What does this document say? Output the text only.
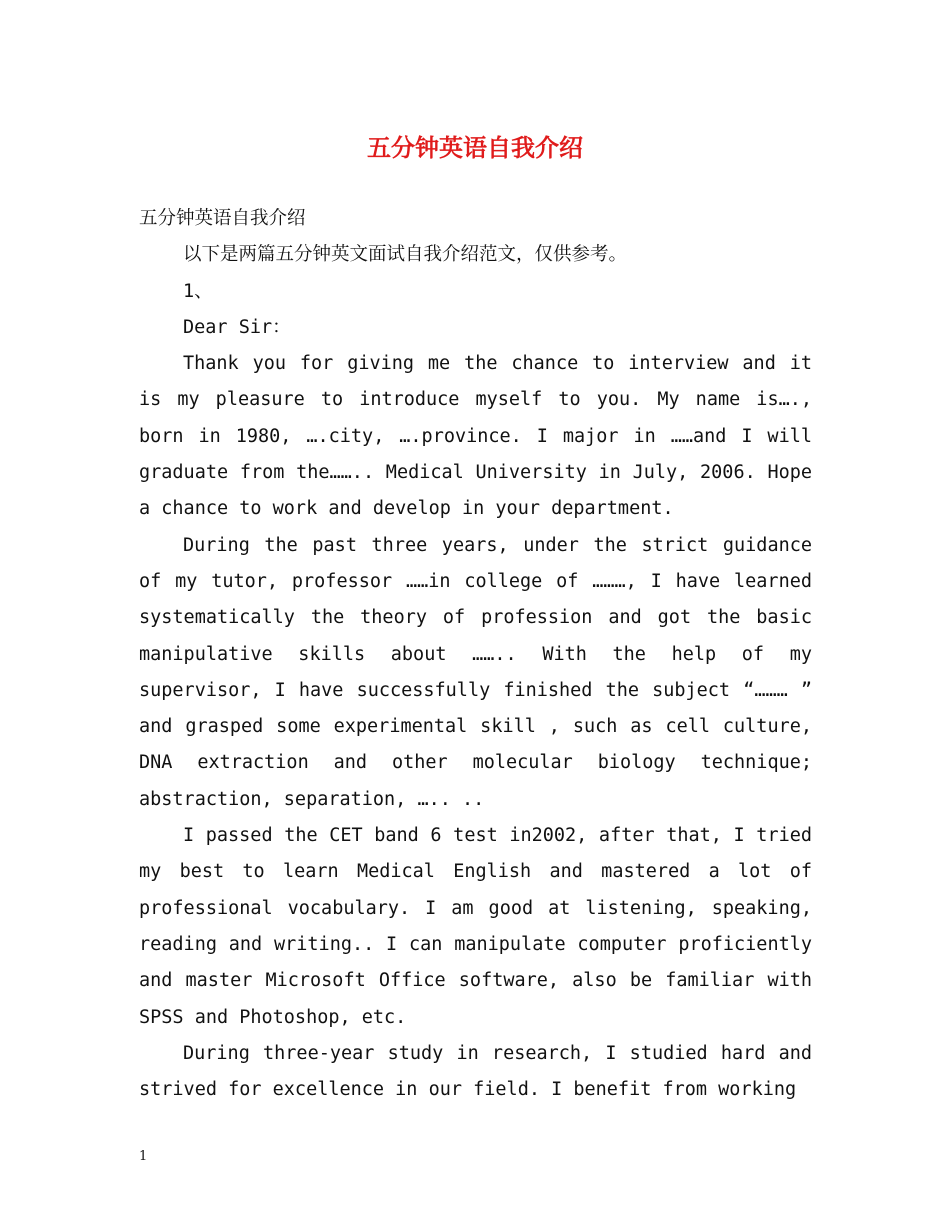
五分钟英语自我介绍

五分钟英语自我介绍

以下是两篇五分钟英文面试自我介绍范文，仅供参考。

1、

Dear Sir：

Thank you for giving me the chance to interview and it is my pleasure to introduce myself to you. My name is…., born in 1980, ….city, ….province. I major in ……and I will graduate from the…….. Medical University in July, 2006. Hope a chance to work and develop in your department.

During the past three years, under the strict guidance of my tutor, professor ……in college of ………, I have learned systematically the theory of profession and got the basic manipulative skills about …….. With the help of my supervisor, I have successfully finished the subject “……… ” and grasped some experimental skill , such as cell culture, DNA extraction and other molecular biology technique; abstraction, separation, ….. ..

I passed the CET band 6 test in2002, after that, I tried my best to learn Medical English and mastered a lot of professional vocabulary. I am good at listening, speaking, reading and writing.. I can manipulate computer proficiently and master Microsoft Office software, also be familiar with SPSS and Photoshop, etc.

During three-year study in research, I studied hard and strived for excellence in our field. I benefit from working

1
